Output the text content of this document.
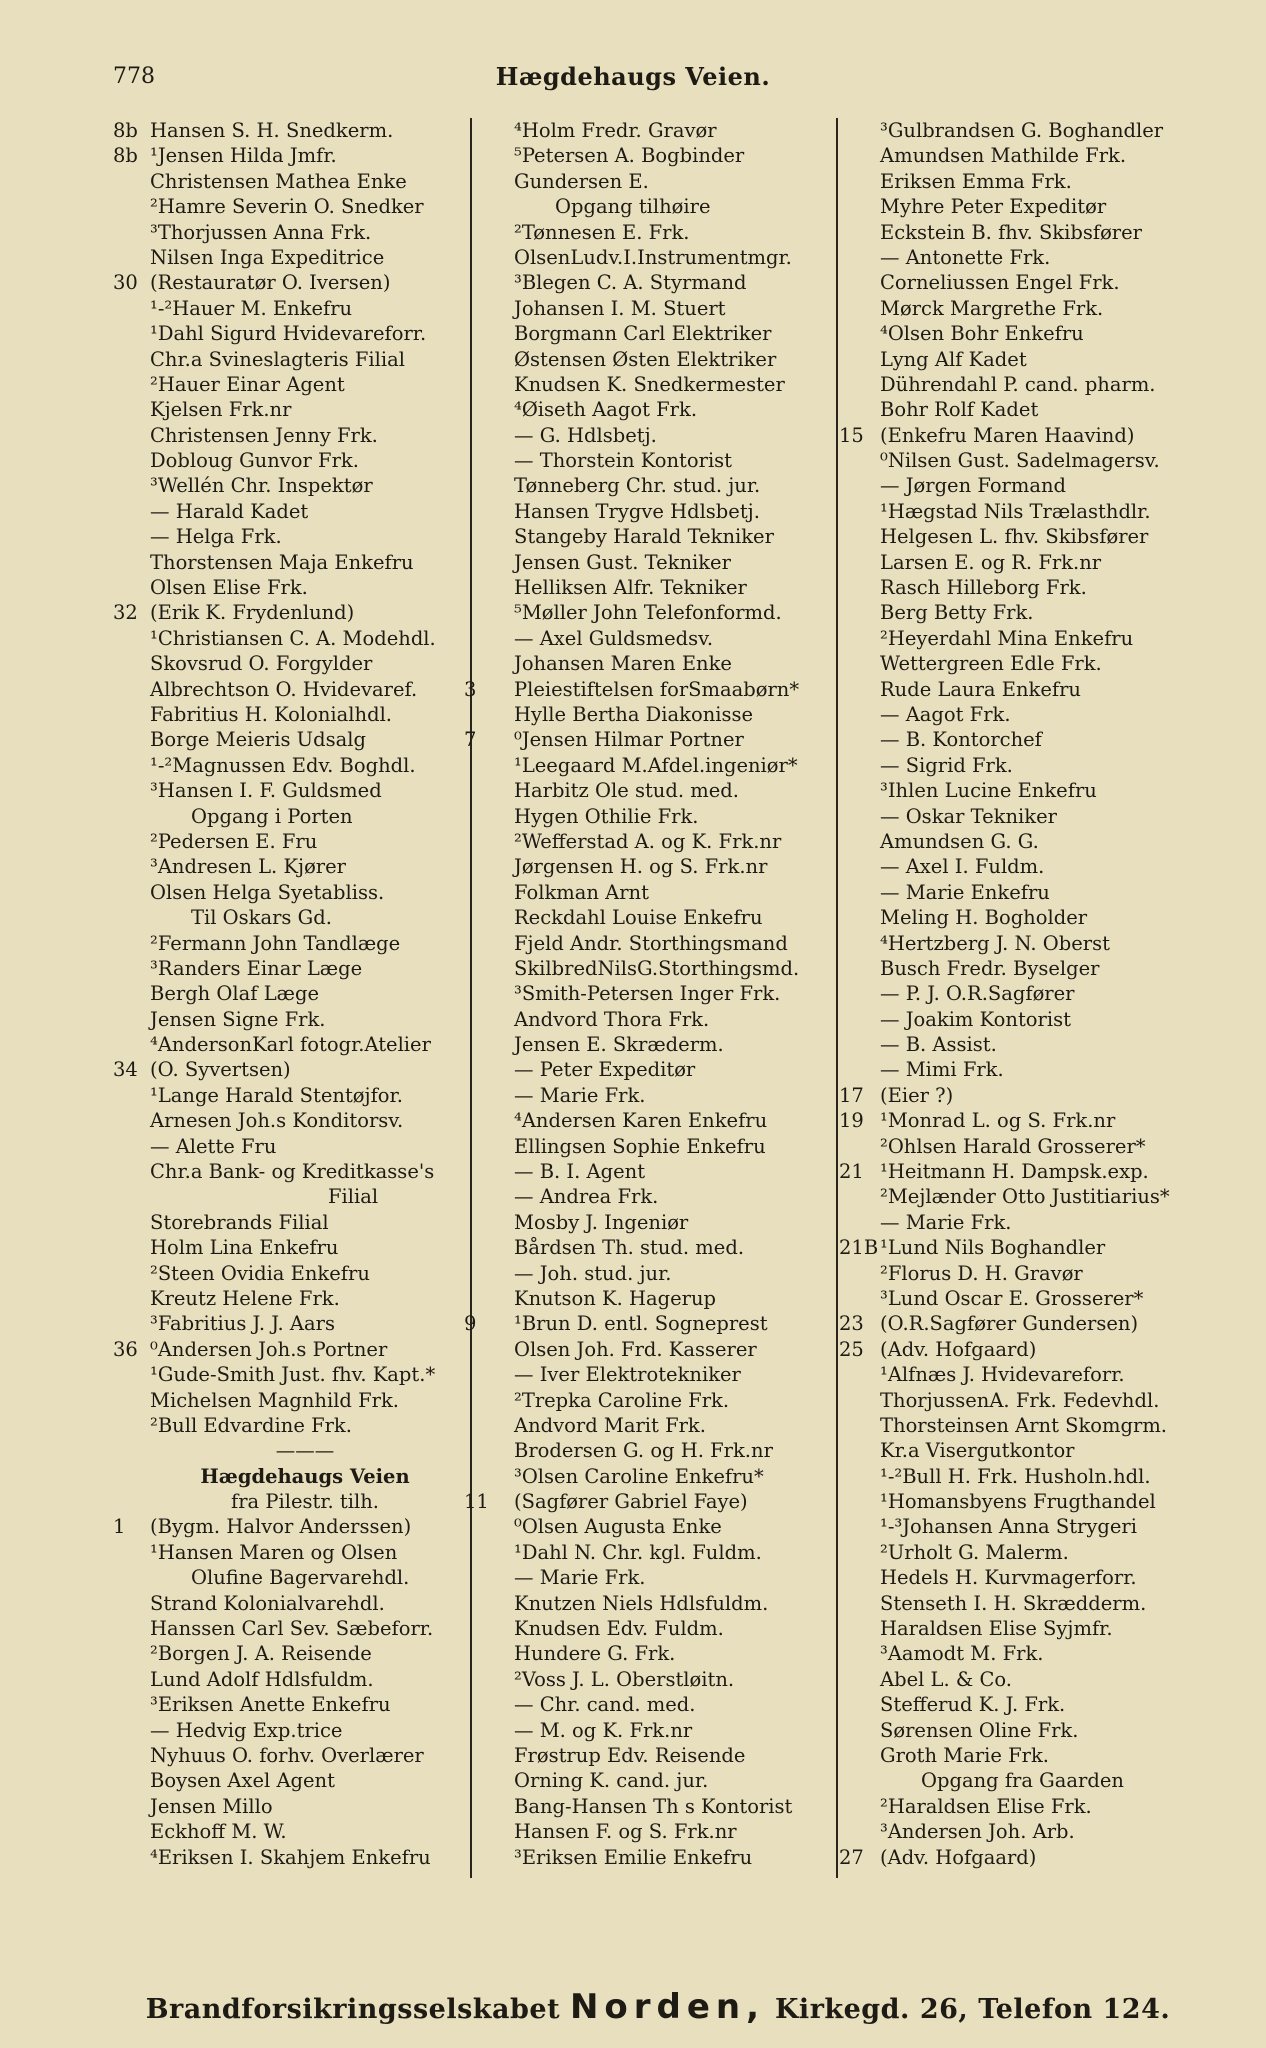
778	Hægdehaugs Veien.
8b Hansen S. H. Snedkerm.
8b ¹Jensen Hilda Jmfr.
Christensen Mathea Enke
²Hamre Severin O. Snedker
³Thorjussen Anna Frk.
Nilsen Inga Expeditrice
30 (Restauratør O. Iversen)
¹-²Hauer M. Enkefru
¹Dahl Sigurd Hvidevareforr.
Chr.a Svineslagteris Filial
²Hauer Einar Agent
Kjelsen Frk.nr
Christensen Jenny Frk.
Dobloug Gunvor Frk.
³Wellén Chr. Inspektør
— Harald Kadet
— Helga Frk.
Thorstensen Maja Enkefru
Olsen Elise Frk.
32 (Erik K. Frydenlund)
¹Christiansen C. A. Modehdl.
Skovsrud O. Forgylder
Albrechtson O. Hvidevaref.
Fabritius H. Kolonialhdl.
Borge Meieris Udsalg
¹-²Magnussen Edv. Boghdl.
³Hansen I. F. Guldsmed
Opgang i Porten
²Pedersen E. Fru
³Andresen L. Kjører
Olsen Helga Syetabliss.
Til Oskars Gd.
²Fermann John Tandlæge
³Randers Einar Læge
Bergh Olaf Læge
Jensen Signe Frk.
⁴AndersonKarl fotogr.Atelier
34 (O. Syvertsen)
¹Lange Harald Stentøjfor.
Arnesen Joh.s Konditorsv.
— Alette Fru
Chr.a Bank- og Kreditkasse's
Filial
Storebrands Filial
Holm Lina Enkefru
²Steen Ovidia Enkefru
Kreutz Helene Frk.
³Fabritius J. J. Aars
36 ⁰Andersen Joh.s Portner
¹Gude-Smith Just. fhv. Kapt.*
Michelsen Magnhild Frk.
²Bull Edvardine Frk.
———
Hægdehaugs Veien
fra Pilestr. tilh.
1 (Bygm. Halvor Anderssen)
¹Hansen Maren og Olsen
Olufine Bagervarehdl.
Strand Kolonialvarehdl.
Hanssen Carl Sev. Sæbeforr.
²Borgen J. A. Reisende
Lund Adolf Hdlsfuldm.
³Eriksen Anette Enkefru
— Hedvig Exp.trice
Nyhuus O. forhv. Overlærer
Boysen Axel Agent
Jensen Millo
Eckhoff M. W.
⁴Eriksen I. Skahjem Enkefru
⁴Holm Fredr. Gravør
⁵Petersen A. Bogbinder
Gundersen E.
Opgang tilhøire
²Tønnesen E. Frk.
OlsenLudv.I.Instrumentmgr.
³Blegen C. A. Styrmand
Johansen I. M. Stuert
Borgmann Carl Elektriker
Østensen Østen Elektriker
Knudsen K. Snedkermester
⁴Øiseth Aagot Frk.
— G. Hdlsbetj.
— Thorstein Kontorist
Tønneberg Chr. stud. jur.
Hansen Trygve Hdlsbetj.
Stangeby Harald Tekniker
Jensen Gust. Tekniker
Helliksen Alfr. Tekniker
⁵Møller John Telefonformd.
— Axel Guldsmedsv.
Johansen Maren Enke
3 Pleiestiftelsen forSmaabørn*
Hylle Bertha Diakonisse
7 ⁰Jensen Hilmar Portner
¹Leegaard M.Afdel.ingeniør*
Harbitz Ole stud. med.
Hygen Othilie Frk.
²Wefferstad A. og K. Frk.nr
Jørgensen H. og S. Frk.nr
Folkman Arnt
Reckdahl Louise Enkefru
Fjeld Andr. Storthingsmand
SkilbredNilsG.Storthingsmd.
³Smith-Petersen Inger Frk.
Andvord Thora Frk.
Jensen E. Skræderm.
— Peter Expeditør
— Marie Frk.
⁴Andersen Karen Enkefru
Ellingsen Sophie Enkefru
— B. I. Agent
— Andrea Frk.
Mosby J. Ingeniør
Bårdsen Th. stud. med.
— Joh. stud. jur.
Knutson K. Hagerup
9 ¹Brun D. entl. Sogneprest
Olsen Joh. Frd. Kasserer
— Iver Elektrotekniker
²Trepka Caroline Frk.
Andvord Marit Frk.
Brodersen G. og H. Frk.nr
³Olsen Caroline Enkefru*
11 (Sagfører Gabriel Faye)
⁰Olsen Augusta Enke
¹Dahl N. Chr. kgl. Fuldm.
— Marie Frk.
Knutzen Niels Hdlsfuldm.
Knudsen Edv. Fuldm.
Hundere G. Frk.
²Voss J. L. Oberstløitn.
— Chr. cand. med.
— M. og K. Frk.nr
Frøstrup Edv. Reisende
Orning K. cand. jur.
Bang-Hansen Th s Kontorist
Hansen F. og S. Frk.nr
³Eriksen Emilie Enkefru
³Gulbrandsen G. Boghandler
Amundsen Mathilde Frk.
Eriksen Emma Frk.
Myhre Peter Expeditør
Eckstein B. fhv. Skibsfører
— Antonette Frk.
Corneliussen Engel Frk.
Mørck Margrethe Frk.
⁴Olsen Bohr Enkefru
Lyng Alf Kadet
Dührendahl P. cand. pharm.
Bohr Rolf Kadet
15 (Enkefru Maren Haavind)
⁰Nilsen Gust. Sadelmagersv.
— Jørgen Formand
¹Hægstad Nils Trælasthdlr.
Helgesen L. fhv. Skibsfører
Larsen E. og R. Frk.nr
Rasch Hilleborg Frk.
Berg Betty Frk.
²Heyerdahl Mina Enkefru
Wettergreen Edle Frk.
Rude Laura Enkefru
— Aagot Frk.
— B. Kontorchef
— Sigrid Frk.
³Ihlen Lucine Enkefru
— Oskar Tekniker
Amundsen G. G.
— Axel I. Fuldm.
— Marie Enkefru
Meling H. Bogholder
⁴Hertzberg J. N. Oberst
Busch Fredr. Byselger
— P. J. O.R.Sagfører
— Joakim Kontorist
— B. Assist.
— Mimi Frk.
17 (Eier ?)
19 ¹Monrad L. og S. Frk.nr
²Ohlsen Harald Grosserer*
21 ¹Heitmann H. Dampsk.exp.
²Mejlænder Otto Justitiarius*
— Marie Frk.
21B ¹Lund Nils Boghandler
²Florus D. H. Gravør
³Lund Oscar E. Grosserer*
23 (O.R.Sagfører Gundersen)
25 (Adv. Hofgaard)
¹Alfnæs J. Hvidevareforr.
ThorjussenA. Frk. Fedevhdl.
Thorsteinsen Arnt Skomgrm.
Kr.a Visergutkontor
¹-²Bull H. Frk. Husholn.hdl.
¹Homansbyens Frugthandel
¹-³Johansen Anna Strygeri
²Urholt G. Malerm.
Hedels H. Kurvmagerforr.
Stenseth I. H. Skrædderm.
Haraldsen Elise Syjmfr.
³Aamodt M. Frk.
Abel L. & Co.
Stefferud K. J. Frk.
Sørensen Oline Frk.
Groth Marie Frk.
Opgang fra Gaarden
²Haraldsen Elise Frk.
³Andersen Joh. Arb.
27 (Adv. Hofgaard)
Brandforsikringsselskabet Norden, Kirkegd. 26, Telefon 124.
